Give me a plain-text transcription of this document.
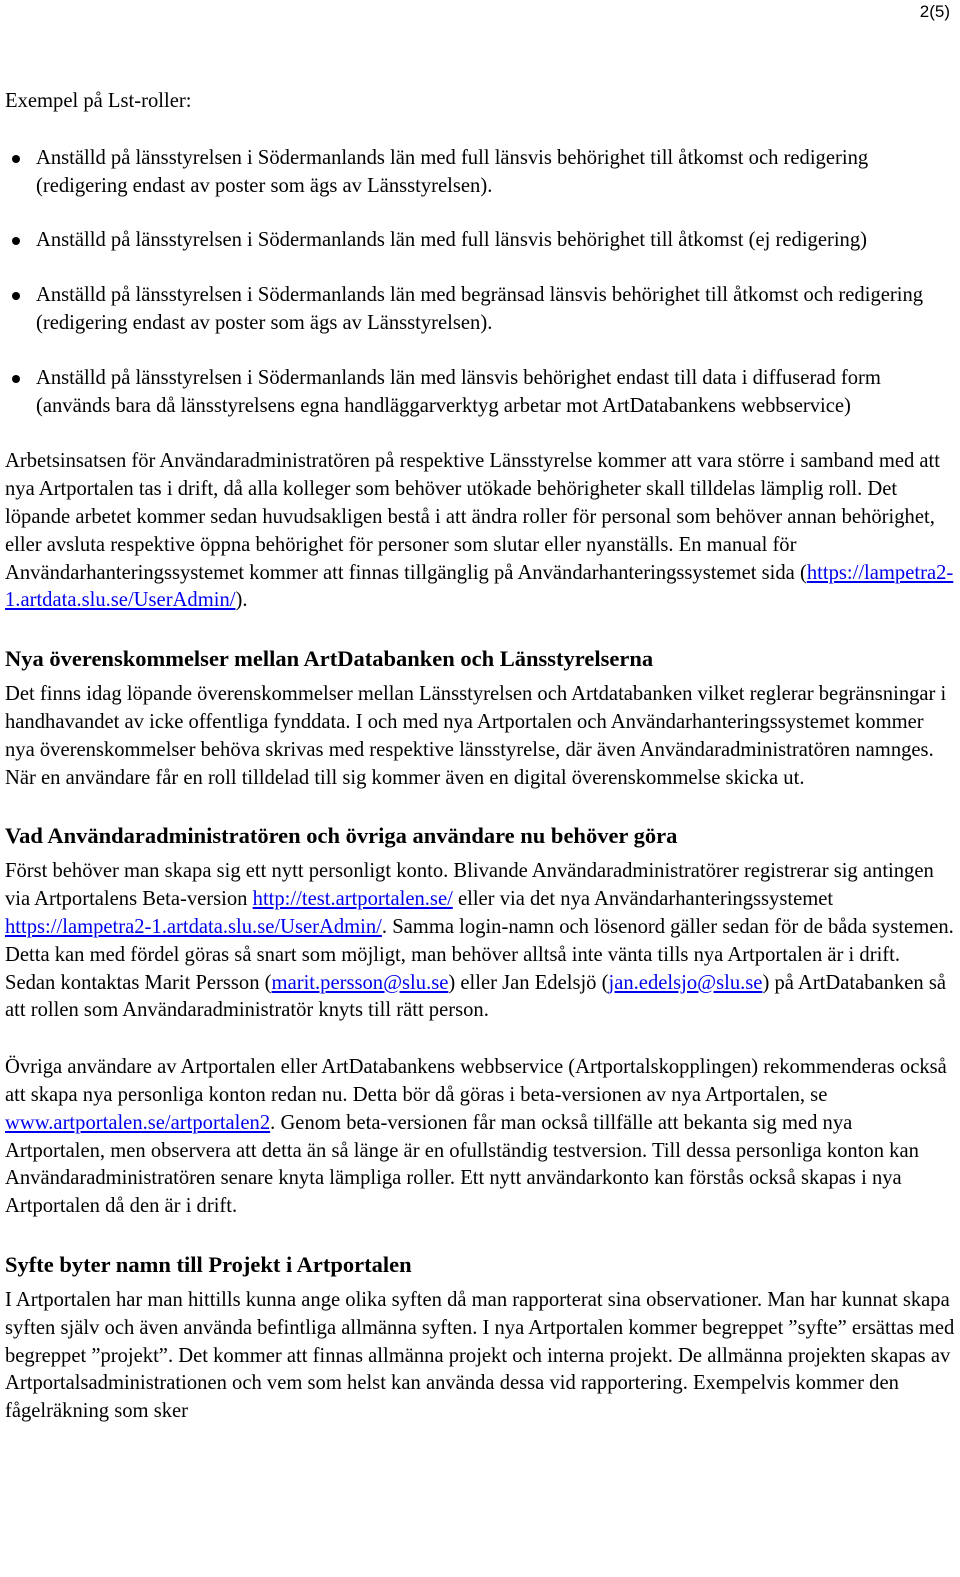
2(5)

Exempel på Lst-roller:

Anställd på länsstyrelsen i Södermanlands län med full länsvis behörighet till åtkomst och redigering (redigering endast av poster som ägs av Länsstyrelsen).
Anställd på länsstyrelsen i Södermanlands län med full länsvis behörighet till åtkomst (ej redigering)
Anställd på länsstyrelsen i Södermanlands län med begränsad länsvis behörighet till åtkomst och redigering (redigering endast av poster som ägs av Länsstyrelsen).
Anställd på länsstyrelsen i Södermanlands län med länsvis behörighet endast till data i diffuserad form (används bara då länsstyrelsens egna handläggarverktyg arbetar mot ArtDatabankens webbservice)

Arbetsinsatsen för Användaradministratören på respektive Länsstyrelse kommer att vara större i samband med att nya Artportalen tas i drift, då alla kolleger som behöver utökade behörigheter skall tilldelas lämplig roll. Det löpande arbetet kommer sedan huvudsakligen bestå i att ändra roller för personal som behöver annan behörighet, eller avsluta respektive öppna behörighet för personer som slutar eller nyanställs. En manual för Användarhanteringssystemet kommer att finnas tillgänglig på Användarhanteringssystemet sida (https://lampetra2-1.artdata.slu.se/UserAdmin/).

Nya överenskommelser mellan ArtDatabanken och Länsstyrelserna

Det finns idag löpande överenskommelser mellan Länsstyrelsen och Artdatabanken vilket reglerar begränsningar i handhavandet av icke offentliga fynddata. I och med nya Artportalen och Användarhanteringssystemet kommer nya överenskommelser behöva skrivas med respektive länsstyrelse, där även Användaradministratören namnges. När en användare får en roll tilldelad till sig kommer även en digital överenskommelse skicka ut.

Vad Användaradministratören och övriga användare nu behöver göra

Först behöver man skapa sig ett nytt personligt konto. Blivande Användaradministratörer registrerar sig antingen via Artportalens Beta-version http://test.artportalen.se/ eller via det nya Användarhanteringssystemet https://lampetra2-1.artdata.slu.se/UserAdmin/. Samma login-namn och lösenord gäller sedan för de båda systemen. Detta kan med fördel göras så snart som möjligt, man behöver alltså inte vänta tills nya Artportalen är i drift. Sedan kontaktas Marit Persson (marit.persson@slu.se) eller Jan Edelsjö (jan.edelsjo@slu.se) på ArtDatabanken så att rollen som Användaradministratör knyts till rätt person.

Övriga användare av Artportalen eller ArtDatabankens webbservice (Artportalskopplingen) rekommenderas också att skapa nya personliga konton redan nu. Detta bör då göras i beta-versionen av nya Artportalen, se www.artportalen.se/artportalen2. Genom beta-versionen får man också tillfälle att bekanta sig med nya Artportalen, men observera att detta än så länge är en ofullständig testversion. Till dessa personliga konton kan Användaradministratören senare knyta lämpliga roller. Ett nytt användarkonto kan förstås också skapas i nya Artportalen då den är i drift.

Syfte byter namn till Projekt i Artportalen

I Artportalen har man hittills kunna ange olika syften då man rapporterat sina observationer. Man har kunnat skapa syften själv och även använda befintliga allmänna syften. I nya Artportalen kommer begreppet ”syfte” ersättas med begreppet ”projekt”. Det kommer att finnas allmänna projekt och interna projekt. De allmänna projekten skapas av Artportalsadministrationen och vem som helst kan använda dessa vid rapportering. Exempelvis kommer den fågelräkning som sker
